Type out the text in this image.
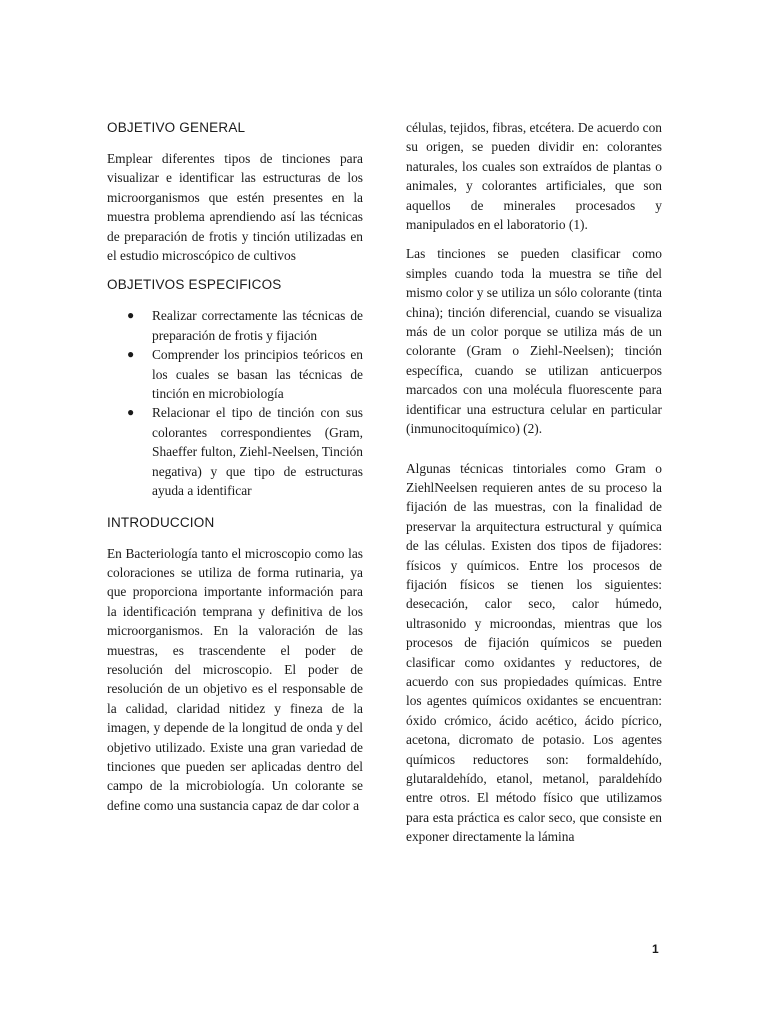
OBJETIVO GENERAL

Emplear diferentes tipos de tinciones para visualizar e identificar las estructuras de los microorganismos que estén presentes en la muestra problema aprendiendo así las técnicas de preparación de frotis y tinción utilizadas en el estudio microscópico de cultivos

OBJETIVOS ESPECIFICOS
● Realizar correctamente las técnicas de preparación de frotis y fijación

● Comprender los principios teóricos en los cuales se basan las técnicas de tinción en microbiología

● Relacionar el tipo de tinción con sus colorantes correspondientes (Gram, Shaeffer fulton, Ziehl-Neelsen, Tinción negativa) y que tipo de estructuras ayuda a identificar

INTRODUCCION

En Bacteriología tanto el microscopio como las coloraciones se utiliza de forma rutinaria, ya que proporciona importante información para la identificación temprana y definitiva de los microorganismos. En la valoración de las muestras, es trascendente el poder de resolución del microscopio. El poder de resolución de un objetivo es el responsable de la calidad, claridad nitidez y fineza de la imagen, y depende de la longitud de onda y del objetivo utilizado. Existe una gran variedad de tinciones que pueden ser aplicadas dentro del campo de la microbiología. Un colorante se define como una sustancia capaz de dar color a

células, tejidos, fibras, etcétera. De acuerdo con su origen, se pueden dividir en: colorantes naturales, los cuales son extraídos de plantas o animales, y colorantes artificiales, que son aquellos de minerales procesados y manipulados en el laboratorio (1).

Las tinciones se pueden clasificar como simples cuando toda la muestra se tiñe del mismo color y se utiliza un sólo colorante (tinta china); tinción diferencial, cuando se visualiza más de un color porque se utiliza más de un colorante (Gram o Ziehl-Neelsen); tinción específica, cuando se utilizan anticuerpos marcados con una molécula fluorescente para identificar una estructura celular en particular (inmunocitoquímico) (2).

Algunas técnicas tintoriales como Gram o ZiehlNeelsen requieren antes de su proceso la fijación de las muestras, con la finalidad de preservar la arquitectura estructural y química de las células. Existen dos tipos de fijadores: físicos y químicos. Entre los procesos de fijación físicos se tienen los siguientes: desecación, calor seco, calor húmedo, ultrasonido y microondas, mientras que los procesos de fijación químicos se pueden clasificar como oxidantes y reductores, de acuerdo con sus propiedades químicas. Entre los agentes químicos oxidantes se encuentran: óxido crómico, ácido acético, ácido pícrico, acetona, dicromato de potasio. Los agentes químicos reductores son: formaldehído, glutaraldehído, etanol, metanol, paraldehído entre otros. El método físico que utilizamos para esta práctica es calor seco, que consiste en exponer directamente la lámina

1
